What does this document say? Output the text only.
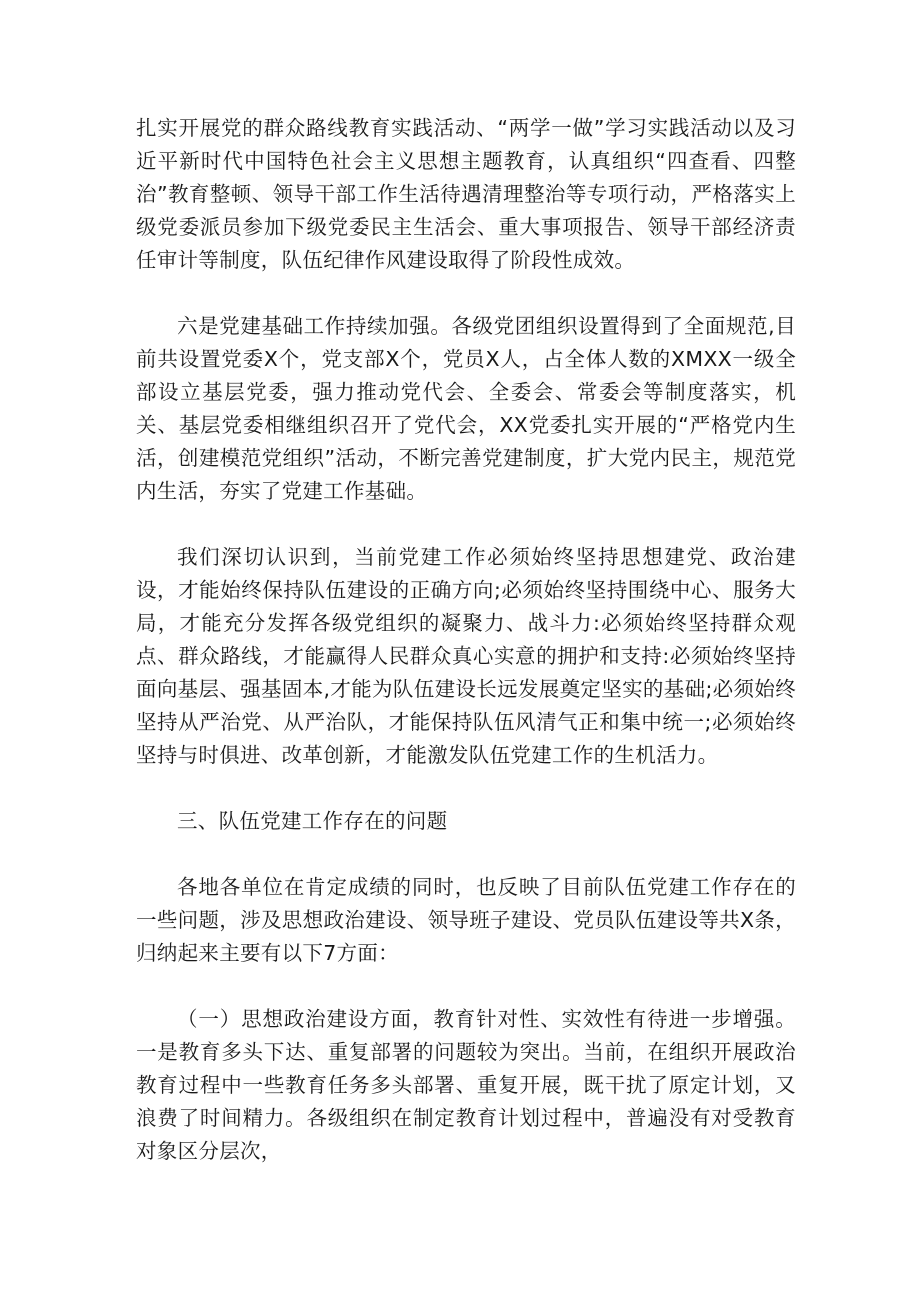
扎实开展党的群众路线教育实践活动、“两学一做”学习实践活动以及习近平新时代中国特色社会主义思想主题教育，认真组织“四查看、四整治”教育整顿、领导干部工作生活待遇清理整治等专项行动，严格落实上级党委派员参加下级党委民主生活会、重大事项报告、领导干部经济责任审计等制度，队伍纪律作风建设取得了阶段性成效。

六是党建基础工作持续加强。各级党团组织设置得到了全面规范,目前共设置党委X个，党支部X个，党员X人，占全体人数的XMXX一级全部设立基层党委，强力推动党代会、全委会、常委会等制度落实，机关、基层党委相继组织召开了党代会，XX党委扎实开展的“严格党内生活，创建模范党组织”活动，不断完善党建制度，扩大党内民主，规范党内生活，夯实了党建工作基础。

我们深切认识到，当前党建工作必须始终坚持思想建党、政治建设，才能始终保持队伍建设的正确方向;必须始终坚持围绕中心、服务大局，才能充分发挥各级党组织的凝聚力、战斗力:必须始终坚持群众观点、群众路线，才能赢得人民群众真心实意的拥护和支持:必须始终坚持面向基层、强基固本,才能为队伍建设长远发展奠定坚实的基础;必须始终坚持从严治党、从严治队，才能保持队伍风清气正和集中统一;必须始终坚持与时俱进、改革创新，才能激发队伍党建工作的生机活力。

三、队伍党建工作存在的问题

各地各单位在肯定成绩的同时，也反映了目前队伍党建工作存在的一些问题，涉及思想政治建设、领导班子建设、党员队伍建设等共X条，归纳起来主要有以下7方面：

（一）思想政治建设方面，教育针对性、实效性有待进一步增强。一是教育多头下达、重复部署的问题较为突出。当前，在组织开展政治教育过程中一些教育任务多头部署、重复开展，既干扰了原定计划，又浪费了时间精力。各级组织在制定教育计划过程中，普遍没有对受教育对象区分层次，
